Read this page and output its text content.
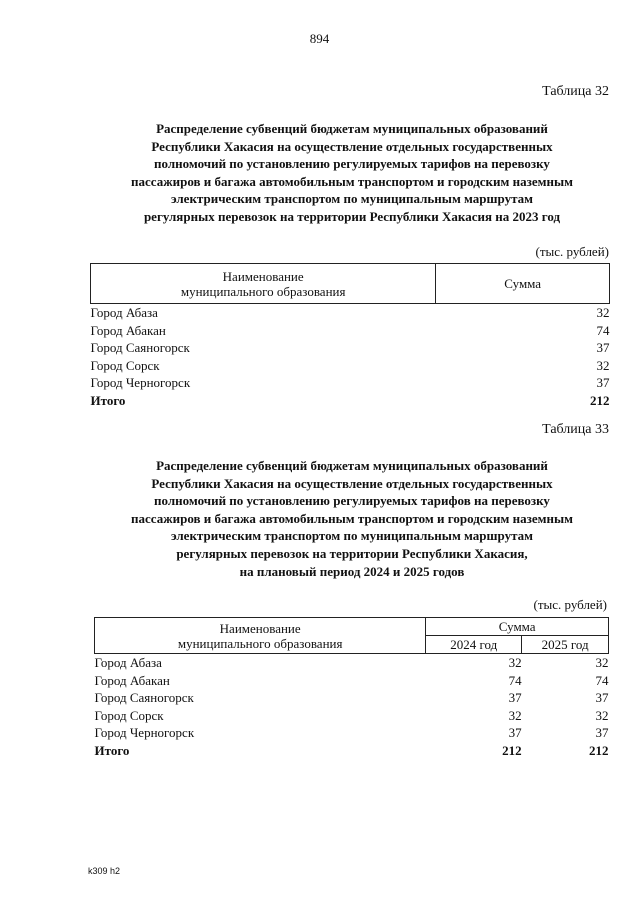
894
Таблица 32
Распределение субвенций бюджетам муниципальных образований
Республики Хакасия на осуществление отдельных государственных
полномочий по установлению регулируемых тарифов на перевозку
пассажиров и багажа автомобильным транспортом и городским наземным
электрическим транспортом по муниципальным маршрутам
регулярных перевозок на территории Республики Хакасия на 2023 год
(тыс. рублей)
Наименование
муниципального образования	Сумма
Город Абаза	32
Город Абакан	74
Город Саяногорск	37
Город Сорск	32
Город Черногорск	37
Итого	212
Таблица 33
Распределение субвенций бюджетам муниципальных образований
Республики Хакасия на осуществление отдельных государственных
полномочий по установлению регулируемых тарифов на перевозку
пассажиров и багажа автомобильным транспортом и городским наземным
электрическим транспортом по муниципальным маршрутам
регулярных перевозок на территории Республики Хакасия,
на плановый период 2024 и 2025 годов
(тыс. рублей)
Наименование
муниципального образования	Сумма	
	2024 год	2025 год
Город Абаза	32	32
Город Абакан	74	74
Город Саяногорск	37	37
Город Сорск	32	32
Город Черногорск	37	37
Итого	212	212
k309 h2
